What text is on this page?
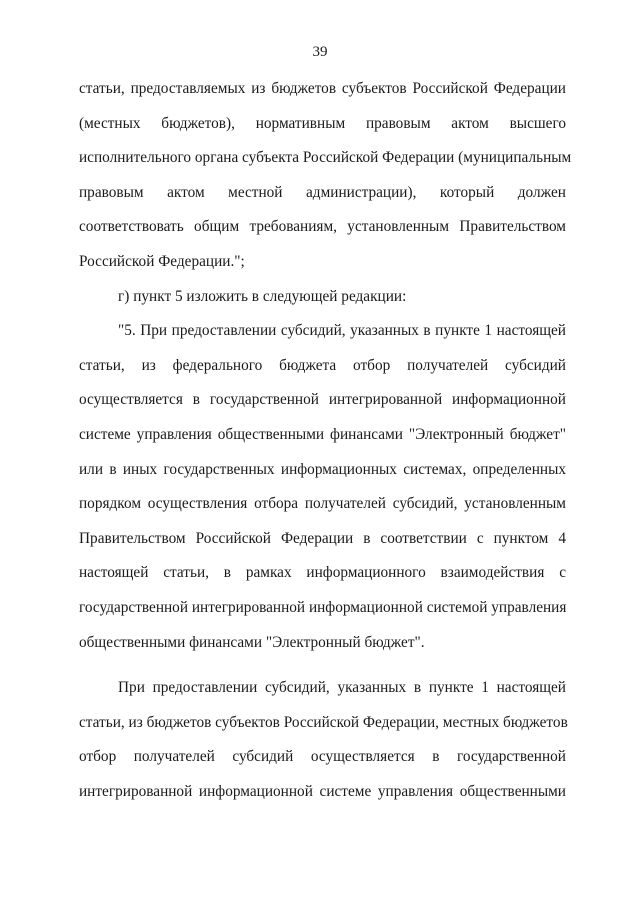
39
статьи, предоставляемых из бюджетов субъектов Российской Федерации
(местных бюджетов), нормативным правовым актом высшего
исполнительного органа субъекта Российской Федерации (муниципальным
правовым актом местной администрации), который должен
соответствовать общим требованиям, установленным Правительством
Российской Федерации.";
г) пункт 5 изложить в следующей редакции:
"5. При предоставлении субсидий, указанных в пункте 1 настоящей
статьи, из федерального бюджета отбор получателей субсидий
осуществляется в государственной интегрированной информационной
системе управления общественными финансами "Электронный бюджет"
или в иных государственных информационных системах, определенных
порядком осуществления отбора получателей субсидий, установленным
Правительством Российской Федерации в соответствии с пунктом 4
настоящей статьи, в рамках информационного взаимодействия с
государственной интегрированной информационной системой управления
общественными финансами "Электронный бюджет".
При предоставлении субсидий, указанных в пункте 1 настоящей
статьи, из бюджетов субъектов Российской Федерации, местных бюджетов
отбор получателей субсидий осуществляется в государственной
интегрированной информационной системе управления общественными
